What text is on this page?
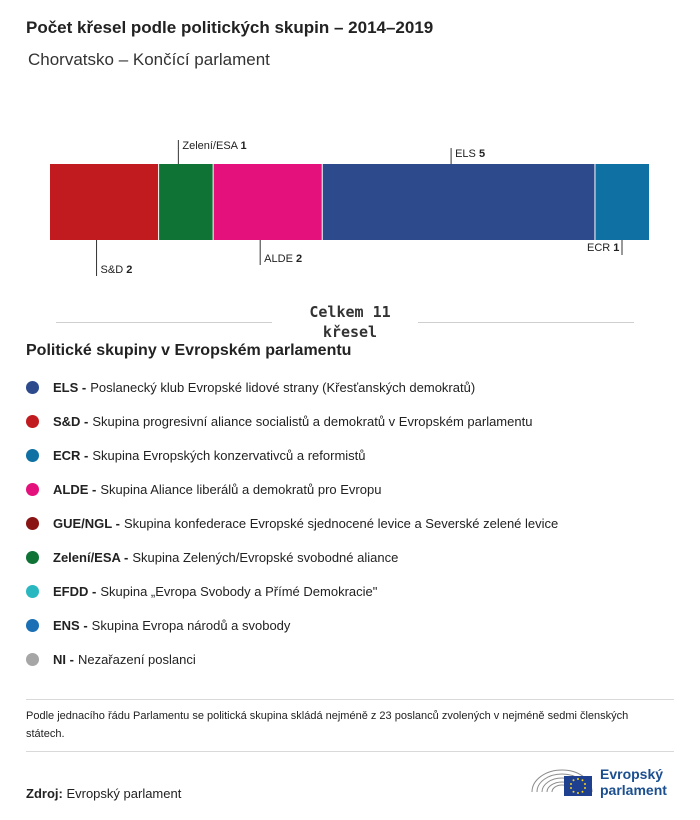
Počet křesel podle politických skupin – 2014–2019
Chorvatsko – Končící parlament
S&D 2
Zelení/ESA 1
ALDE 2
ELS 5
ECR 1
Celkem 11
křesel
Politické skupiny v Evropském parlamentu
ELS - Poslanecký klub Evropské lidové strany (Křesťanských demokratů)
S&D - Skupina progresivní aliance socialistů a demokratů v Evropském parlamentu
ECR - Skupina Evropských konzervativců a reformistů
ALDE - Skupina Aliance liberálů a demokratů pro Evropu
GUE/NGL - Skupina konfederace Evropské sjednocené levice a Severské zelené levice
Zelení/ESA - Skupina Zelených/Evropské svobodné aliance
EFDD - Skupina „Evropa Svobody a Přímé Demokracie"
ENS - Skupina Evropa národů a svobody
NI - Nezařazení poslanci
Podle jednacího řádu Parlamentu se politická skupina skládá nejméně z 23 poslanců zvolených v nejméně sedmi členských státech.
Zdroj: Evropský parlament
Evropský
parlament
